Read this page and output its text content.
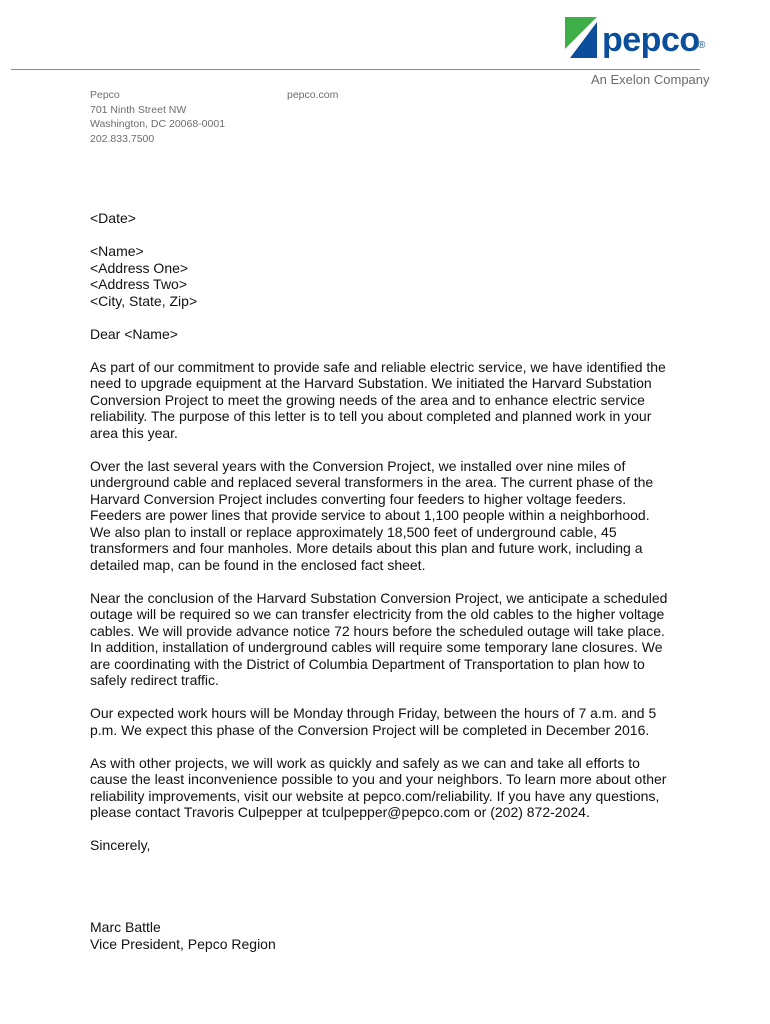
pepco
®
An Exelon Company
Pepco
701 Ninth Street NW
Washington, DC 20068-0001
202.833.7500
pepco.com

<Date>

<Name>

<Address One>

<Address Two>

<City, State, Zip>

Dear <Name>

As part of our commitment to provide safe and reliable electric service, we have identified the need to upgrade equipment at the Harvard Substation. We initiated the Harvard Substation Conversion Project to meet the growing needs of the area and to enhance electric service reliability. The purpose of this letter is to tell you about completed and planned work in your area this year.

Over the last several years with the Conversion Project, we installed over nine miles of underground cable and replaced several transformers in the area. The current phase of the Harvard Conversion Project includes converting four feeders to higher voltage feeders. Feeders are power lines that provide service to about 1,100 people within a neighborhood. We also plan to install or replace approximately 18,500 feet of underground cable, 45 transformers and four manholes. More details about this plan and future work, including a detailed map, can be found in the enclosed fact sheet.

Near the conclusion of the Harvard Substation Conversion Project, we anticipate a scheduled outage will be required so we can transfer electricity from the old cables to the higher voltage cables. We will provide advance notice 72 hours before the scheduled outage will take place. In addition, installation of underground cables will require some temporary lane closures. We are coordinating with the District of Columbia Department of Transportation to plan how to safely redirect traffic.

Our expected work hours will be Monday through Friday, between the hours of 7 a.m. and 5 p.m. We expect this phase of the Conversion Project will be completed in December 2016.

As with other projects, we will work as quickly and safely as we can and take all efforts to cause the least inconvenience possible to you and your neighbors. To learn more about other reliability improvements, visit our website at pepco.com/reliability. If you have any questions, please contact Travoris Culpepper at tculpepper@pepco.com or (202) 872-2024.

Sincerely,

Marc Battle

Vice President, Pepco Region
